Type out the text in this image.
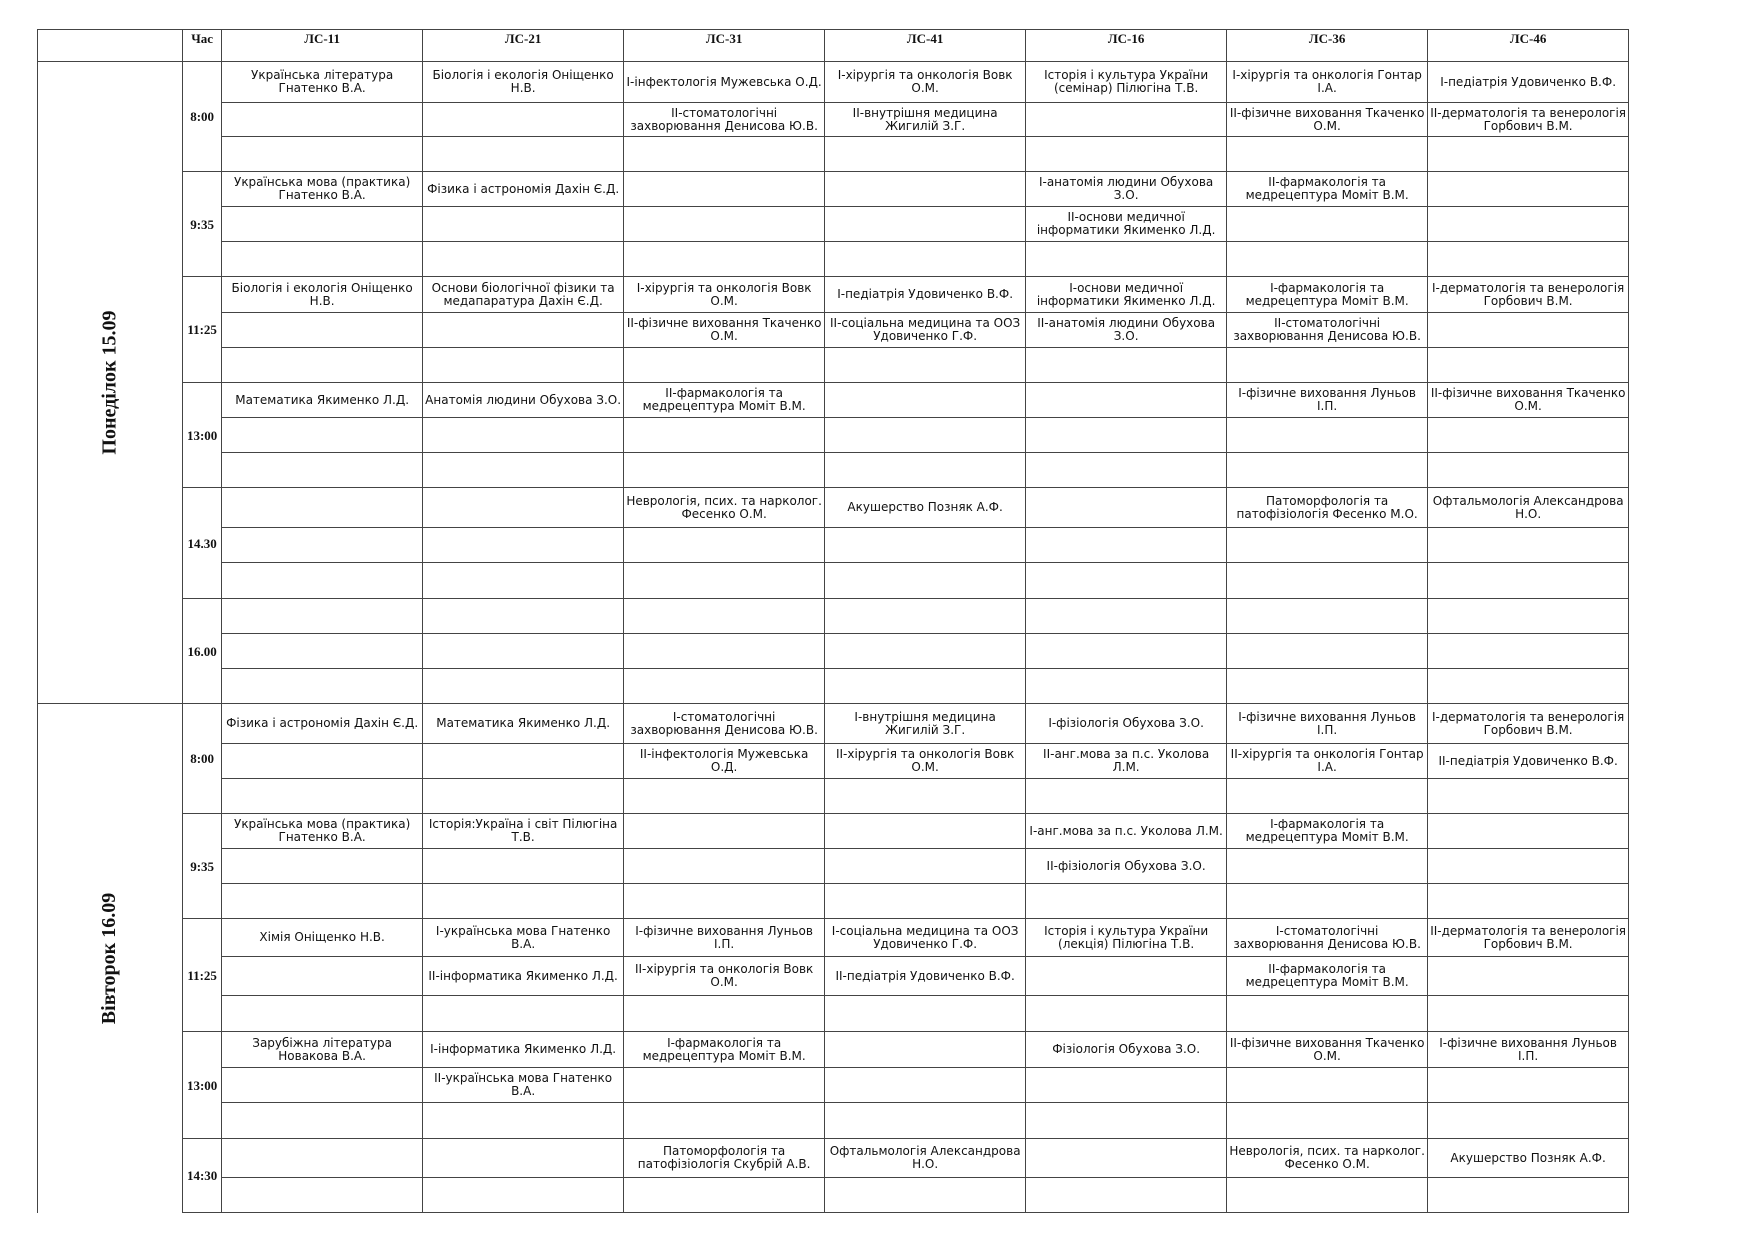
	Час	ЛС-11	ЛС-21	ЛС-31	ЛС-41	ЛС-16	ЛС-36	ЛС-46
Понеділок 15.09	8:00	Українська література Гнатенко В.А.	Біологія і екологія Оніщенко Н.В.	I-інфектологія Мужевська О.Д.	I-хірургія та онкологія Вовк О.М.	Історія і культура України (семінар) Пілюгіна Т.В.	I-хірургія та онкологія Гонтар І.А.	I-педіатрія Удовиченко В.Ф.
				II-стоматологічні захворювання Денисова Ю.В.	II-внутрішня медицина Жигилій З.Г.		II-фізичне виховання Ткаченко О.М.	II-дерматологія та венерологія Горбович В.М.

	9:35	Українська мова (практика) Гнатенко В.А.	Фізика і астрономія Дахін Є.Д.			I-анатомія людини Обухова З.О.	II-фармакологія та медрецептура Моміт В.М.	
						II-основи медичної інформатики Якименко Л.Д.		

	11:25	Біологія і екологія Оніщенко Н.В.	Основи біологічної фізики та медапаратура Дахін Є.Д.	I-хірургія та онкологія Вовк О.М.	I-педіатрія Удовиченко В.Ф.	I-основи медичної інформатики Якименко Л.Д.	I-фармакологія та медрецептура Моміт В.М.	I-дерматологія та венерологія Горбович В.М.
				II-фізичне виховання Ткаченко О.М.	II-соціальна медицина та ООЗ Удовиченко Г.Ф.	II-анатомія людини Обухова З.О.	II-стоматологічні захворювання Денисова Ю.В.	

	13:00	Математика Якименко Л.Д.	Анатомія людини Обухова З.О.	II-фармакологія та медрецептура Моміт В.М.			I-фізичне виховання Луньов І.П.	II-фізичне виховання Ткаченко О.М.

	14.30			Неврологія, псих. та нарколог. Фесенко О.М.	Акушерство Позняк А.Ф.		Патоморфологія та патофізіологія Фесенко М.О.	Офтальмологія Александрова Н.О.

	16.00							

Вівторок 16.09	8:00	Фізика і астрономія Дахін Є.Д.	Математика Якименко Л.Д.	I-стоматологічні захворювання Денисова Ю.В.	I-внутрішня медицина Жигилій З.Г.	I-фізіологія Обухова З.О.	I-фізичне виховання Луньов І.П.	I-дерматологія та венерологія Горбович В.М.
				II-інфектологія Мужевська О.Д.	II-хірургія та онкологія Вовк О.М.	II-анг.мова за п.с. Уколова Л.М.	II-хірургія та онкологія Гонтар І.А.	II-педіатрія Удовиченко В.Ф.

	9:35	Українська мова (практика) Гнатенко В.А.	Історія:Україна і світ Пілюгіна Т.В.			I-анг.мова за п.с. Уколова Л.М.	I-фармакологія та медрецептура Моміт В.М.	
						II-фізіологія Обухова З.О.		

	11:25	Хімія Оніщенко Н.В.	I-українська мова Гнатенко В.А.	I-фізичне виховання Луньов І.П.	I-соціальна медицина та ООЗ Удовиченко Г.Ф.	Історія і культура України (лекція) Пілюгіна Т.В.	I-стоматологічні захворювання Денисова Ю.В.	II-дерматологія та венерологія Горбович В.М.
			II-інформатика Якименко Л.Д.	II-хірургія та онкологія Вовк О.М.	II-педіатрія Удовиченко В.Ф.		II-фармакологія та медрецептура Моміт В.М.	

	13:00	Зарубіжна література Новакова В.А.	I-інформатика Якименко Л.Д.	I-фармакологія та медрецептура Моміт В.М.		Фізіологія Обухова З.О.	II-фізичне виховання Ткаченко О.М.	I-фізичне виховання Луньов І.П.
			II-українська мова Гнатенко В.А.					

	14:30			Патоморфологія та патофізіологія Скубрій А.В.	Офтальмологія Александрова Н.О.		Неврологія, псих. та нарколог. Фесенко О.М.	Акушерство Позняк А.Ф.
